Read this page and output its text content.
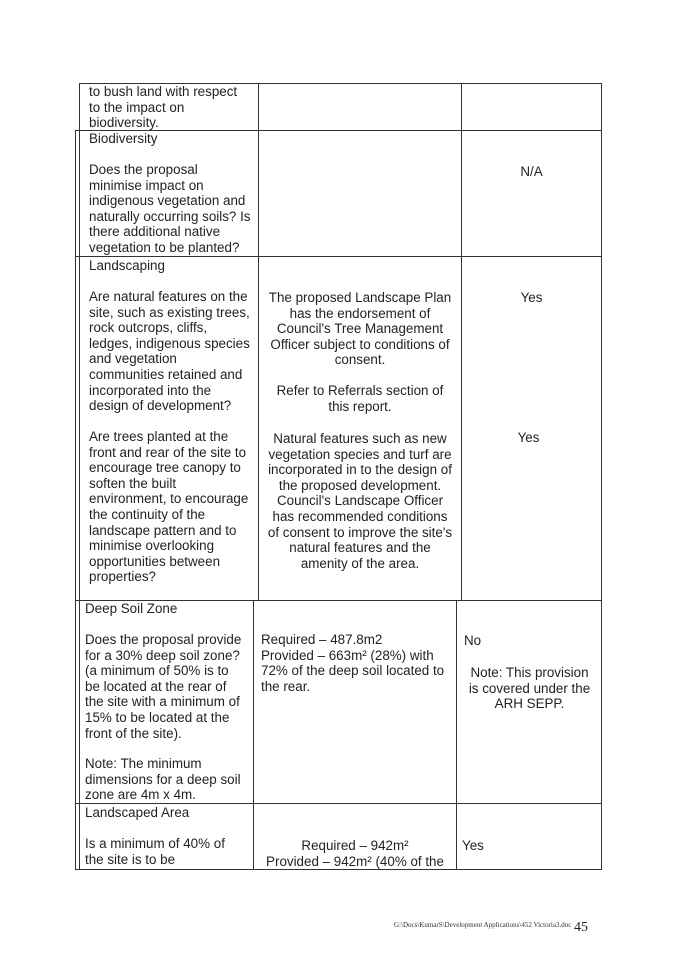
to bush land with respect
to the impact on
biodiversity.
Biodiversity
Does the proposal
minimise impact on
indigenous vegetation and
naturally occurring soils? Is
there additional native
vegetation to be planted?
N/A
Landscaping
Are natural features on the
site, such as existing trees,
rock outcrops, cliffs,
ledges, indigenous species
and vegetation
communities retained and
incorporated into the
design of development?
The proposed Landscape Plan
has the endorsement of
Council's Tree Management
Officer subject to conditions of
consent.
Refer to Referrals section of
this report.
Yes
Are trees planted at the
front and rear of the site to
encourage tree canopy to
soften the built
environment, to encourage
the continuity of the
landscape pattern and to
minimise overlooking
opportunities between
properties?
Natural features such as new
vegetation species and turf are
incorporated in to the design of
the proposed development.
Council's Landscape Officer
has recommended conditions
of consent to improve the site's
natural features and the
amenity of the area.
Yes
Deep Soil Zone
Does the proposal provide
for a 30% deep soil zone?
(a minimum of 50% is to
be located at the rear of
the site with a minimum of
15% to be located at the
front of the site).
Note: The minimum
dimensions for a deep soil
zone are 4m x 4m.
Required – 487.8m2
Provided – 663m² (28%) with
72% of the deep soil located to
the rear.
No
Note: This provision
is covered under the
ARH SEPP.
Landscaped Area
Is a minimum of 40% of
the site is to be
Required – 942m²
Provided – 942m² (40% of the
Yes
G:\Docs\KumarS\Development Applications\452 Victoria3.doc 45
